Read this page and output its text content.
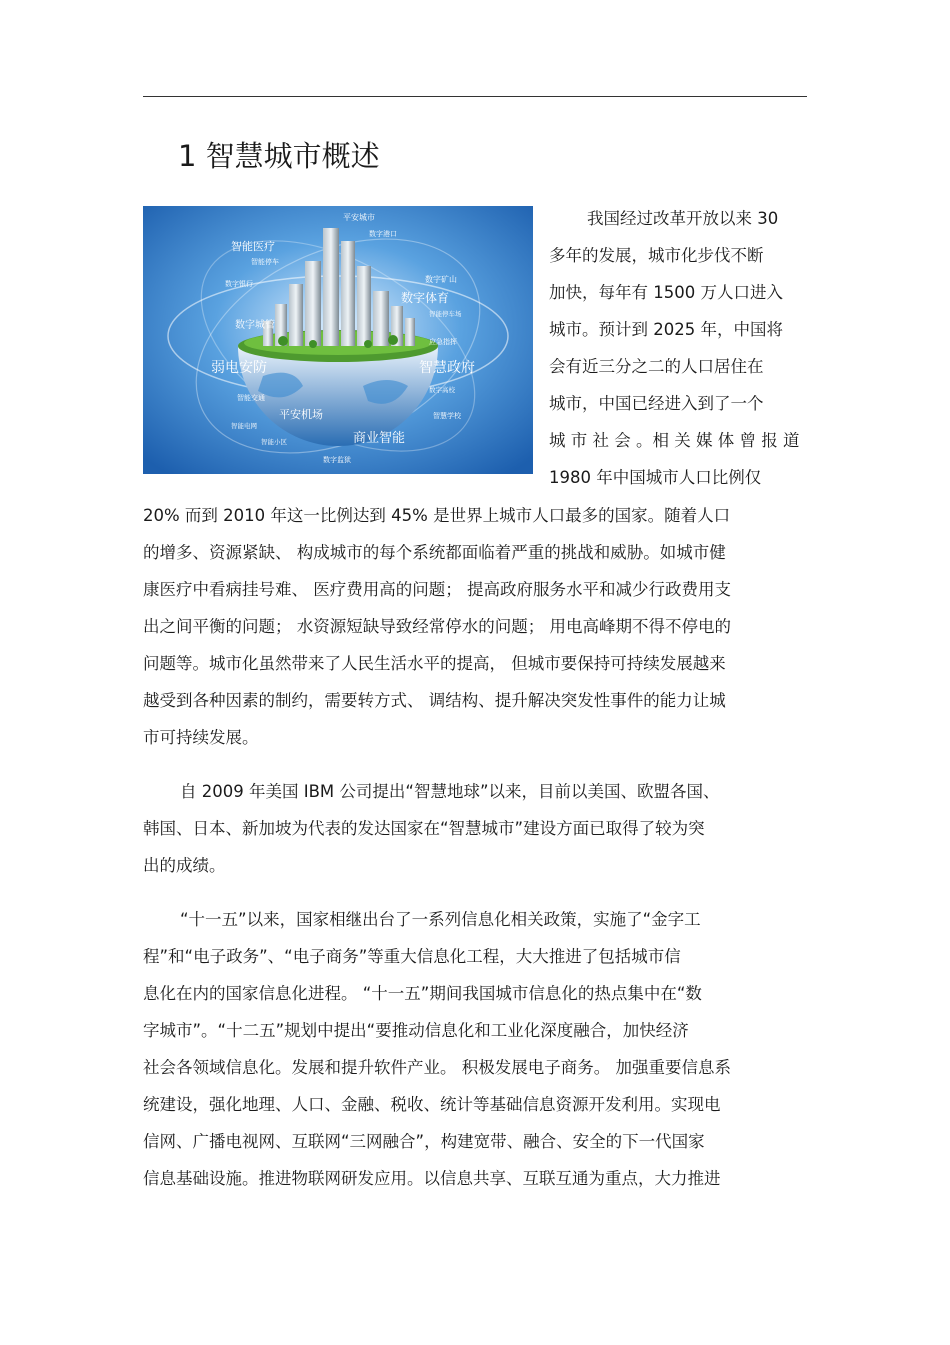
1 智慧城市概述
平安城市
数字港口
智能医疗
智能停车
数字银行	数字矿山
数字体育
智能停车场
数字城管
应急指挥
弱电安防	智慧政府
数字高校
智能交通
平安机场
智能电网
智慧学校
智能小区	商业智能
数字监狱
我国经过改革开放以来 30
多年的发展，城市化步伐不断
加快，每年有 1500 万人口进入
城市。预计到 2025 年，中国将
会有近三分之二的人口居住在
城市，中国已经进入到了一个
城 市 社 会 。相 关 媒 体 曾 报 道
1980 年中国城市人口比例仅
20% 而到 2010 年这一比例达到 45% 是世界上城市人口最多的国家。随着人口
的增多、资源紧缺、 构成城市的每个系统都面临着严重的挑战和威胁。如城市健
康医疗中看病挂号难、 医疗费用高的问题； 提高政府服务水平和减少行政费用支
出之间平衡的问题； 水资源短缺导致经常停水的问题； 用电高峰期不得不停电的
问题等。城市化虽然带来了人民生活水平的提高， 但城市要保持可持续发展越来
越受到各种因素的制约，需要转方式、 调结构、提升解决突发性事件的能力让城
市可持续发展。
自 2009 年美国 IBM 公司提出“智慧地球”以来，目前以美国、欧盟各国、
韩国、日本、新加坡为代表的发达国家在“智慧城市”建设方面已取得了较为突
出的成绩。
“十一五”以来，国家相继出台了一系列信息化相关政策，实施了“金字工
程”和“电子政务”、“电子商务”等重大信息化工程，大大推进了包括城市信
息化在内的国家信息化进程。 “十一五”期间我国城市信息化的热点集中在“数
字城市”。“十二五”规划中提出“要推动信息化和工业化深度融合，加快经济
社会各领域信息化。发展和提升软件产业。 积极发展电子商务。 加强重要信息系
统建设，强化地理、人口、金融、税收、统计等基础信息资源开发利用。实现电
信网、广播电视网、互联网“三网融合”，构建宽带、融合、安全的下一代国家
信息基础设施。推进物联网研发应用。以信息共享、互联互通为重点，大力推进
